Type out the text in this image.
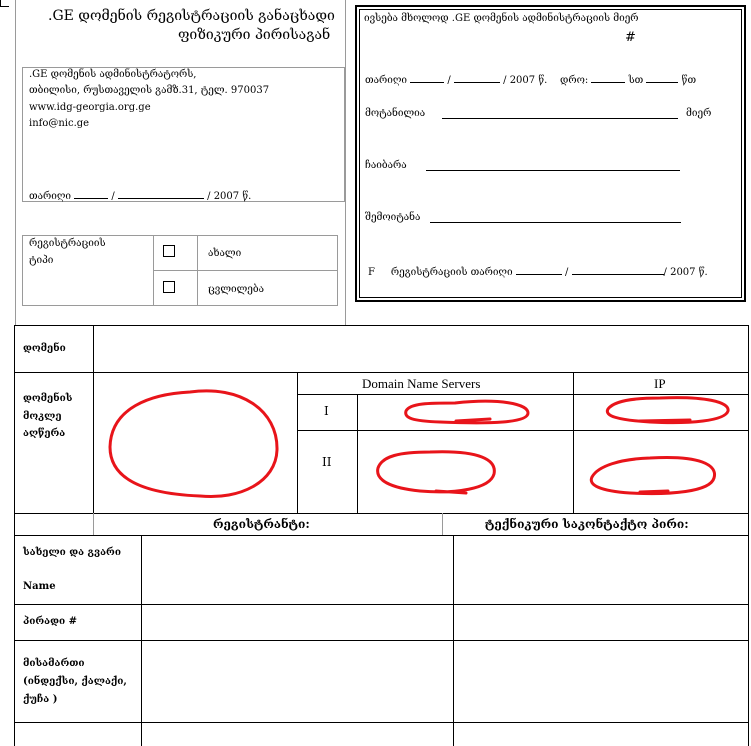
.GE დომენის რეგისტრაციის განაცხადი
ფიზიკური პირისაგან
.GE დომენის ადმინისტრატორს,
თბილისი, რუსთაველის გამზ.31, ტელ. 970037
www.idg-georgia.org.ge
info@nic.ge
თარიღი	/	/ 2007 წ.
რეგისტრაციის
ტიპი
ახალი
ცვლილება
ივსება მხოლოდ .GE დომენის ადმინისტრაციის მიერ
#
თარიღი	/	/ 2007 წ. დრო:	სთ	წთ
მოტანილია	მიერ
ჩაიბარა
შემოიტანა
F რეგისტრაციის თარიღი	/	/ 2007 წ.
დომენი
დომენის
მოკლე
აღწერა
Domain Name Servers	IP
I
II
რეგისტრანტი:	ტექნიკური საკონტაქტო პირი:
სახელი და გვარი
Name
პირადი #
მისამართი
(ინდექსი, ქალაქი,
ქუჩა )
